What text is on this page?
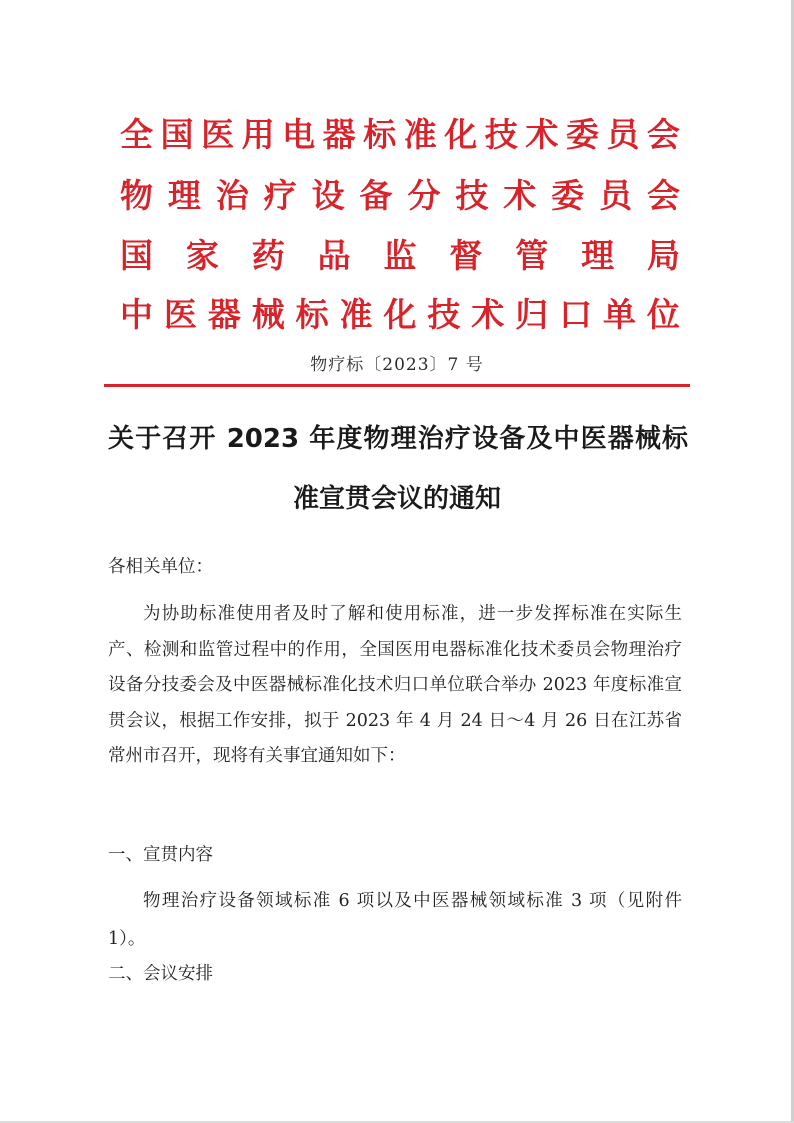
全 国 医 用 电 器 标 准 化 技 术 委 员 会
物 理 治 疗 设 备 分 技 术 委 员 会
国 家 药 品 监 督 管 理 局
中 医 器 械 标 准 化 技 术 归 口 单 位
物疗标〔2023〕7 号
关于召开 2023 年度物理治疗设备及中医器械标
准宣贯会议的通知
各相关单位：
为协助标准使用者及时了解和使用标准，进一步发挥标准在实际生产、检测和监管过程中的作用，全国医用电器标准化技术委员会物理治疗设备分技委会及中医器械标准化技术归口单位联合举办 2023 年度标准宣贯会议，根据工作安排，拟于 2023 年 4 月 24 日～4 月 26 日在江苏省常州市召开，现将有关事宜通知如下：
一、宣贯内容
物理治疗设备领域标准 6 项以及中医器械领域标准 3 项（见附件 1）。
二、会议安排
